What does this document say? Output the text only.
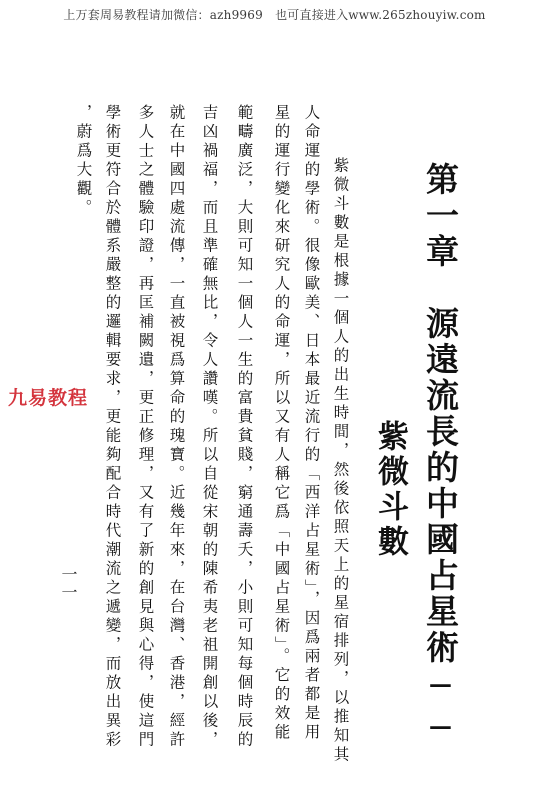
上万套周易教程请加微信：azh9969　也可直接进入www.265zhouyiw.com
第一章　源遠流長的中國占星術──
紫微斗數
　紫微斗數是根據一個人的出生時間，然後依照天上的星宿排列，以推知其
人命運的學術。很像歐美、日本最近流行的「西洋占星術」，因爲兩者都是用
星的運行變化來研究人的命運，所以又有人稱它爲「中國占星術」。它的效能
範疇廣泛，大則可知一個人一生的富貴貧賤，窮通壽夭，小則可知每個時辰的
吉凶禍福，而且準確無比，令人讚嘆。所以自從宋朝的陳希夷老祖開創以後，
就在中國四處流傳，一直被視爲算命的瑰寶。近幾年來，在台灣、香港，經許
多人士之體驗印證，再匡補闕遺，更正修理，又有了新的創見與心得，使這門
學術更符合於體系嚴整的邏輯要求，更能夠配合時代潮流之遞變，而放出異彩
，蔚爲大觀。
一一
九易教程
